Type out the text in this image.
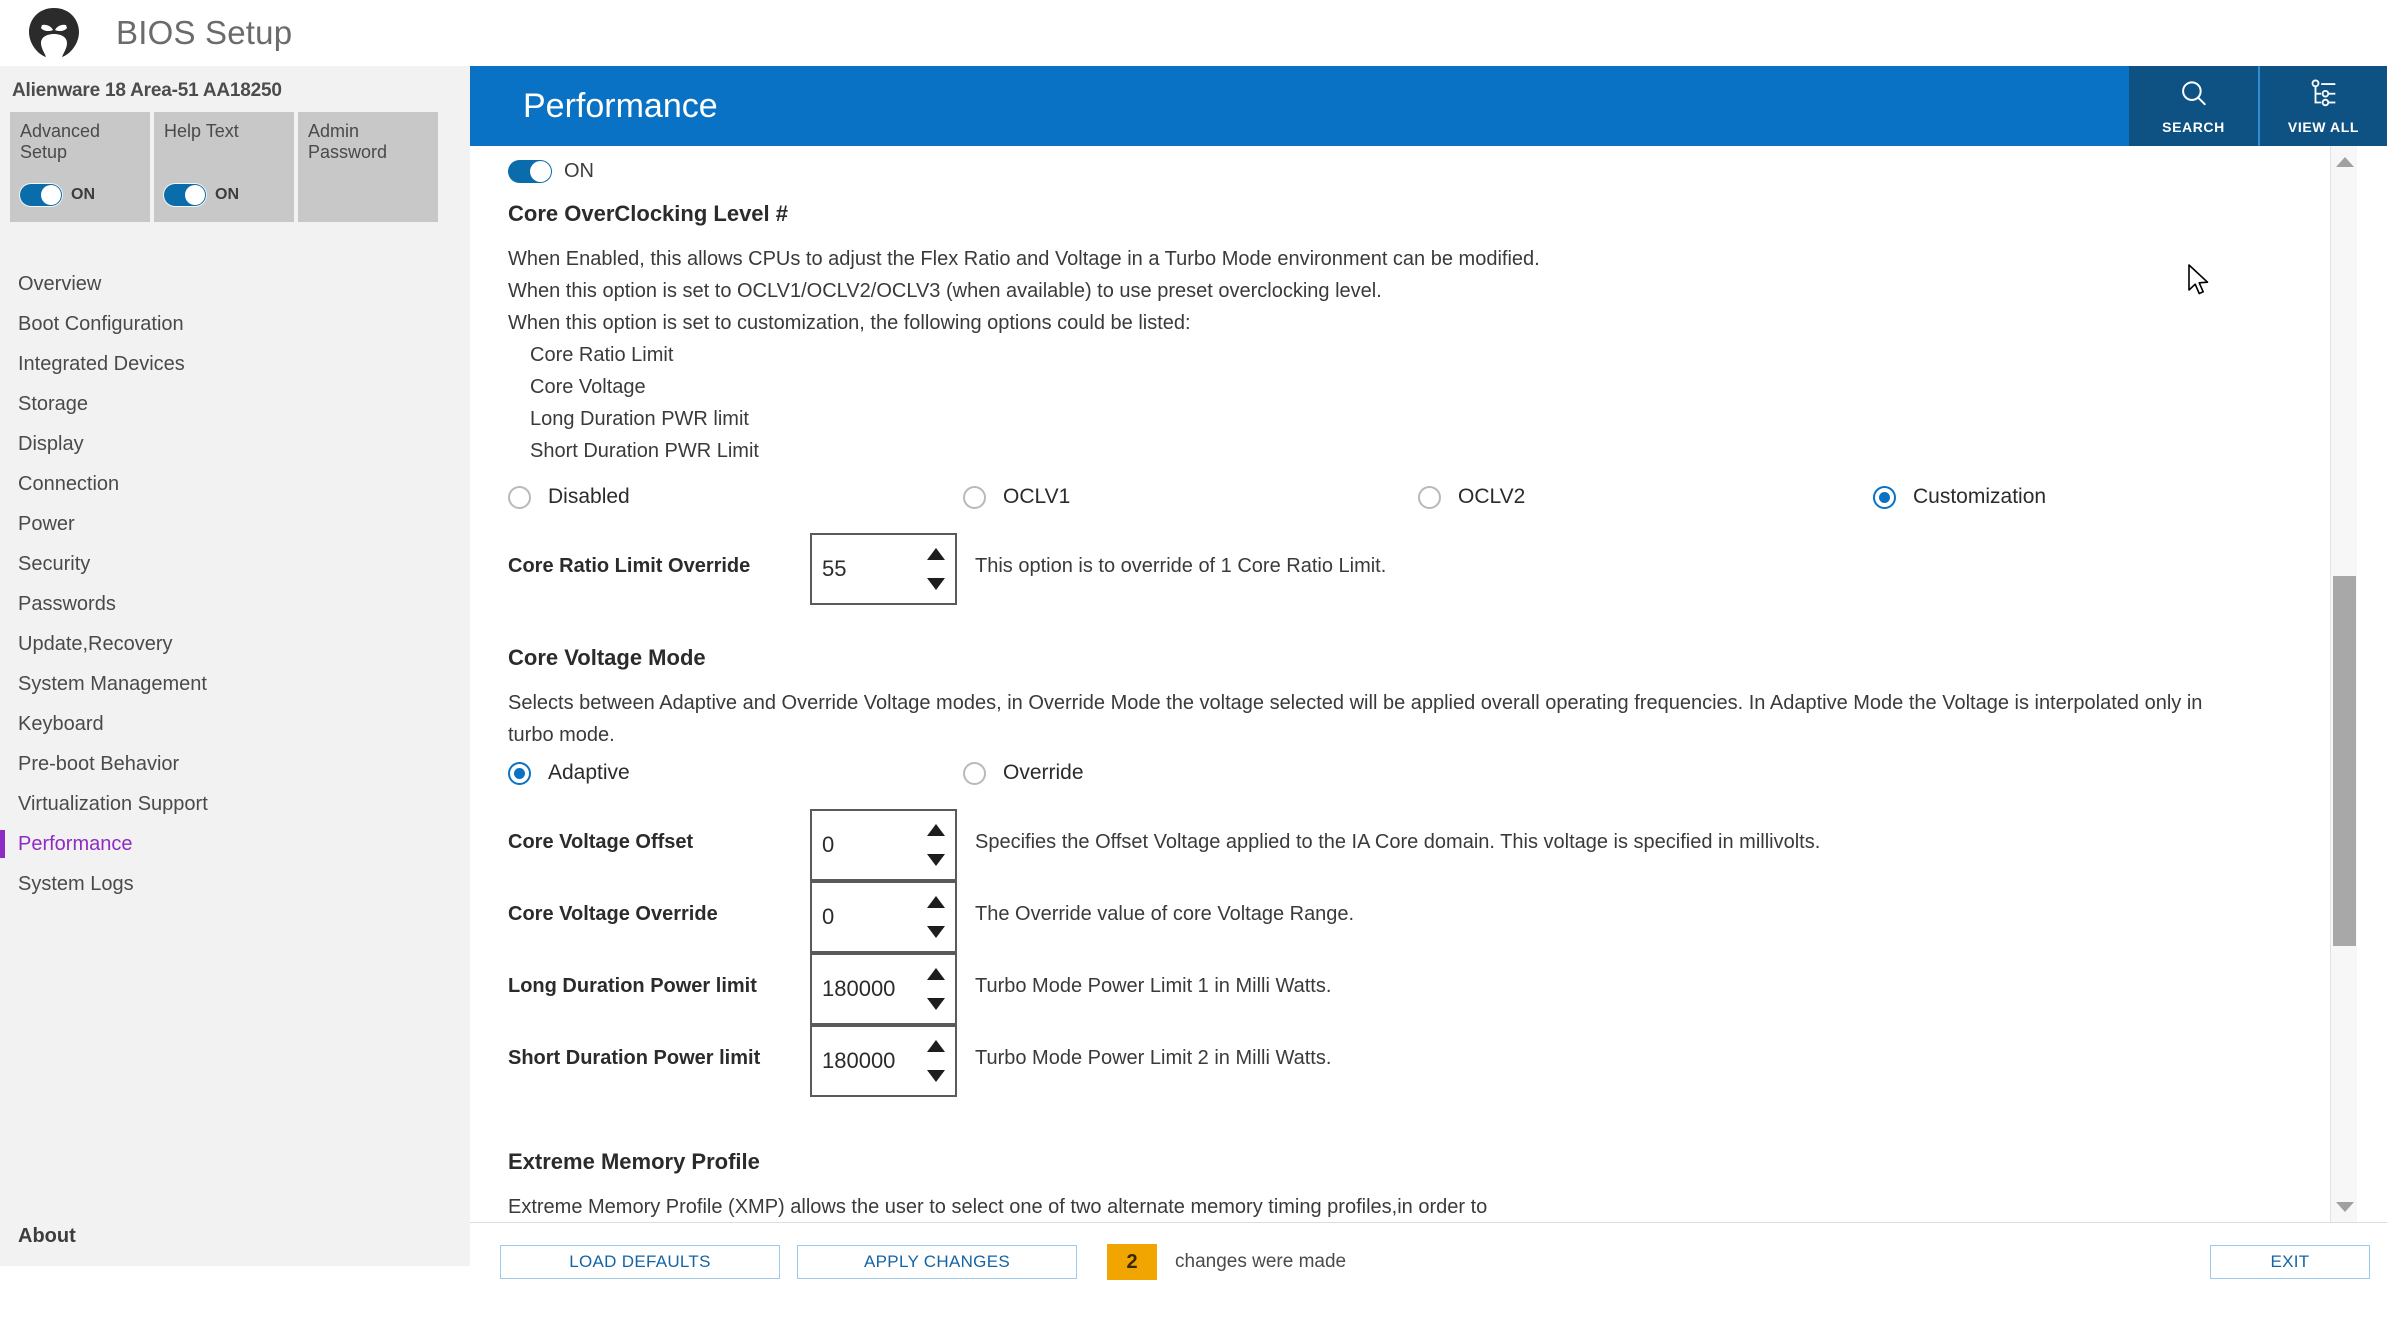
BIOS Setup
Alienware 18 Area-51 AA18250
Advanced Setup
ON
Help Text
ON
Admin Password
Overview
Boot Configuration
Integrated Devices
Storage
Display
Connection
Power
Security
Passwords
Update,Recovery
System Management
Keyboard
Pre-boot Behavior
Virtualization Support
Performance
System Logs
About
Performance
SEARCH	VIEW ALL
ON
Core OverClocking Level #
When Enabled, this allows CPUs to adjust the Flex Ratio and Voltage in a Turbo Mode environment can be modified.
When this option is set to OCLV1/OCLV2/OCLV3 (when available) to use preset overclocking level.
When this option is set to customization, the following options could be listed:
Core Ratio Limit
Core Voltage
Long Duration PWR limit
Short Duration PWR Limit
Disabled	OCLV1	OCLV2	Customization
Core Ratio Limit Override	55	This option is to override of 1 Core Ratio Limit.
Core Voltage Mode
Selects between Adaptive and Override Voltage modes, in Override Mode the voltage selected will be applied overall operating frequencies. In Adaptive Mode the Voltage is interpolated only in turbo mode.
Adaptive	Override
Core Voltage Offset	0	Specifies the Offset Voltage applied to the IA Core domain. This voltage is specified in millivolts.
Core Voltage Override	0	The Override value of core Voltage Range.
Long Duration Power limit	180000	Turbo Mode Power Limit 1 in Milli Watts.
Short Duration Power limit	180000	Turbo Mode Power Limit 2 in Milli Watts.
Extreme Memory Profile
Extreme Memory Profile (XMP) allows the user to select one of two alternate memory timing profiles,in order to
LOAD DEFAULTS	APPLY CHANGES	2	changes were made	EXIT
